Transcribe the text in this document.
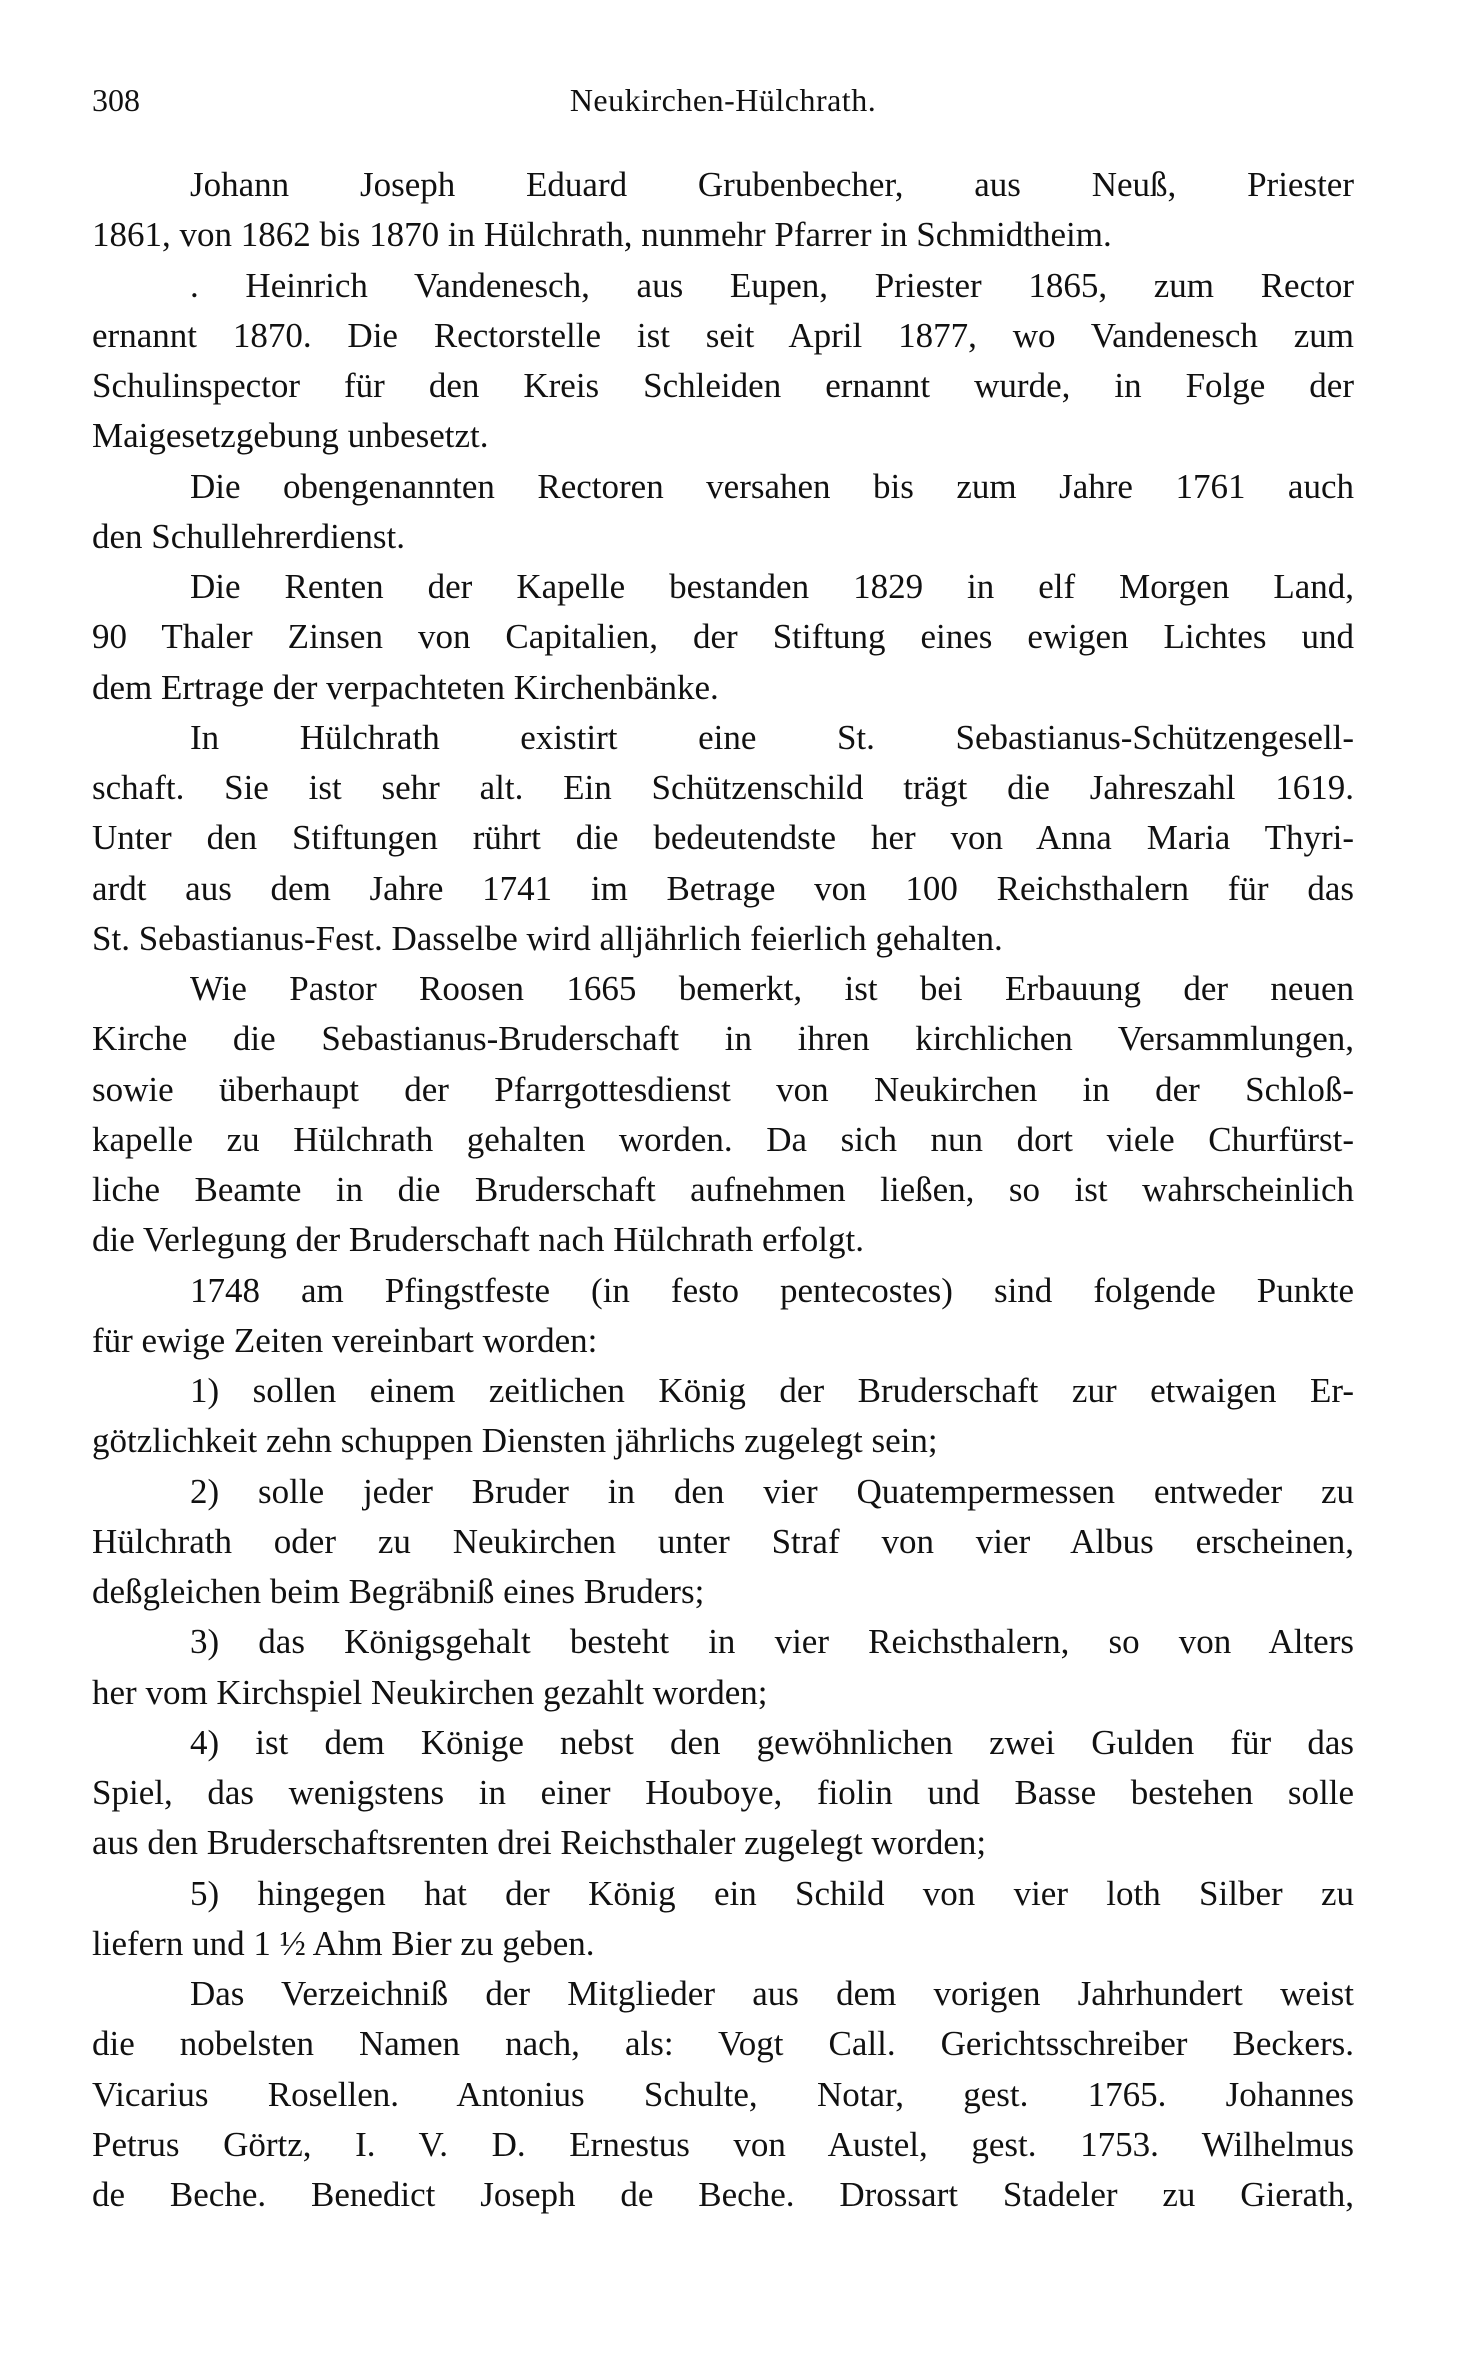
308	Neukirchen-Hülchrath.
Johann Joseph Eduard Grubenbecher, aus Neuß, Priester
1861, von 1862 bis 1870 in Hülchrath, nunmehr Pfarrer in Schmidtheim.
. Heinrich Vandenesch, aus Eupen, Priester 1865, zum Rector
ernannt 1870. Die Rectorstelle ist seit April 1877, wo Vandenesch zum
Schulinspector für den Kreis Schleiden ernannt wurde, in Folge der
Maigesetzgebung unbesetzt.
Die obengenannten Rectoren versahen bis zum Jahre 1761 auch
den Schullehrerdienst.
Die Renten der Kapelle bestanden 1829 in elf Morgen Land,
90 Thaler Zinsen von Capitalien, der Stiftung eines ewigen Lichtes und
dem Ertrage der verpachteten Kirchenbänke.
In Hülchrath existirt eine St. Sebastianus-Schützengesell-
schaft. Sie ist sehr alt. Ein Schützenschild trägt die Jahreszahl 1619.
Unter den Stiftungen rührt die bedeutendste her von Anna Maria Thyri-
ardt aus dem Jahre 1741 im Betrage von 100 Reichsthalern für das
St. Sebastianus-Fest. Dasselbe wird alljährlich feierlich gehalten.
Wie Pastor Roosen 1665 bemerkt, ist bei Erbauung der neuen
Kirche die Sebastianus-Bruderschaft in ihren kirchlichen Versammlungen,
sowie überhaupt der Pfarrgottesdienst von Neukirchen in der Schloß-
kapelle zu Hülchrath gehalten worden. Da sich nun dort viele Churfürst-
liche Beamte in die Bruderschaft aufnehmen ließen, so ist wahrscheinlich
die Verlegung der Bruderschaft nach Hülchrath erfolgt.
1748 am Pfingstfeste (in festo pentecostes) sind folgende Punkte
für ewige Zeiten vereinbart worden:
1) sollen einem zeitlichen König der Bruderschaft zur etwaigen Er-
götzlichkeit zehn schuppen Diensten jährlichs zugelegt sein;
2) solle jeder Bruder in den vier Quatempermessen entweder zu
Hülchrath oder zu Neukirchen unter Straf von vier Albus erscheinen,
deßgleichen beim Begräbniß eines Bruders;
3) das Königsgehalt besteht in vier Reichsthalern, so von Alters
her vom Kirchspiel Neukirchen gezahlt worden;
4) ist dem Könige nebst den gewöhnlichen zwei Gulden für das
Spiel, das wenigstens in einer Houboye, fiolin und Basse bestehen solle
aus den Bruderschaftsrenten drei Reichsthaler zugelegt worden;
5) hingegen hat der König ein Schild von vier loth Silber zu
liefern und 1 ½ Ahm Bier zu geben.
Das Verzeichniß der Mitglieder aus dem vorigen Jahrhundert weist
die nobelsten Namen nach, als: Vogt Call. Gerichtsschreiber Beckers.
Vicarius Rosellen. Antonius Schulte, Notar, gest. 1765. Johannes
Petrus Görtz, I. V. D. Ernestus von Austel, gest. 1753. Wilhelmus
de Beche. Benedict Joseph de Beche. Drossart Stadeler zu Gierath,
